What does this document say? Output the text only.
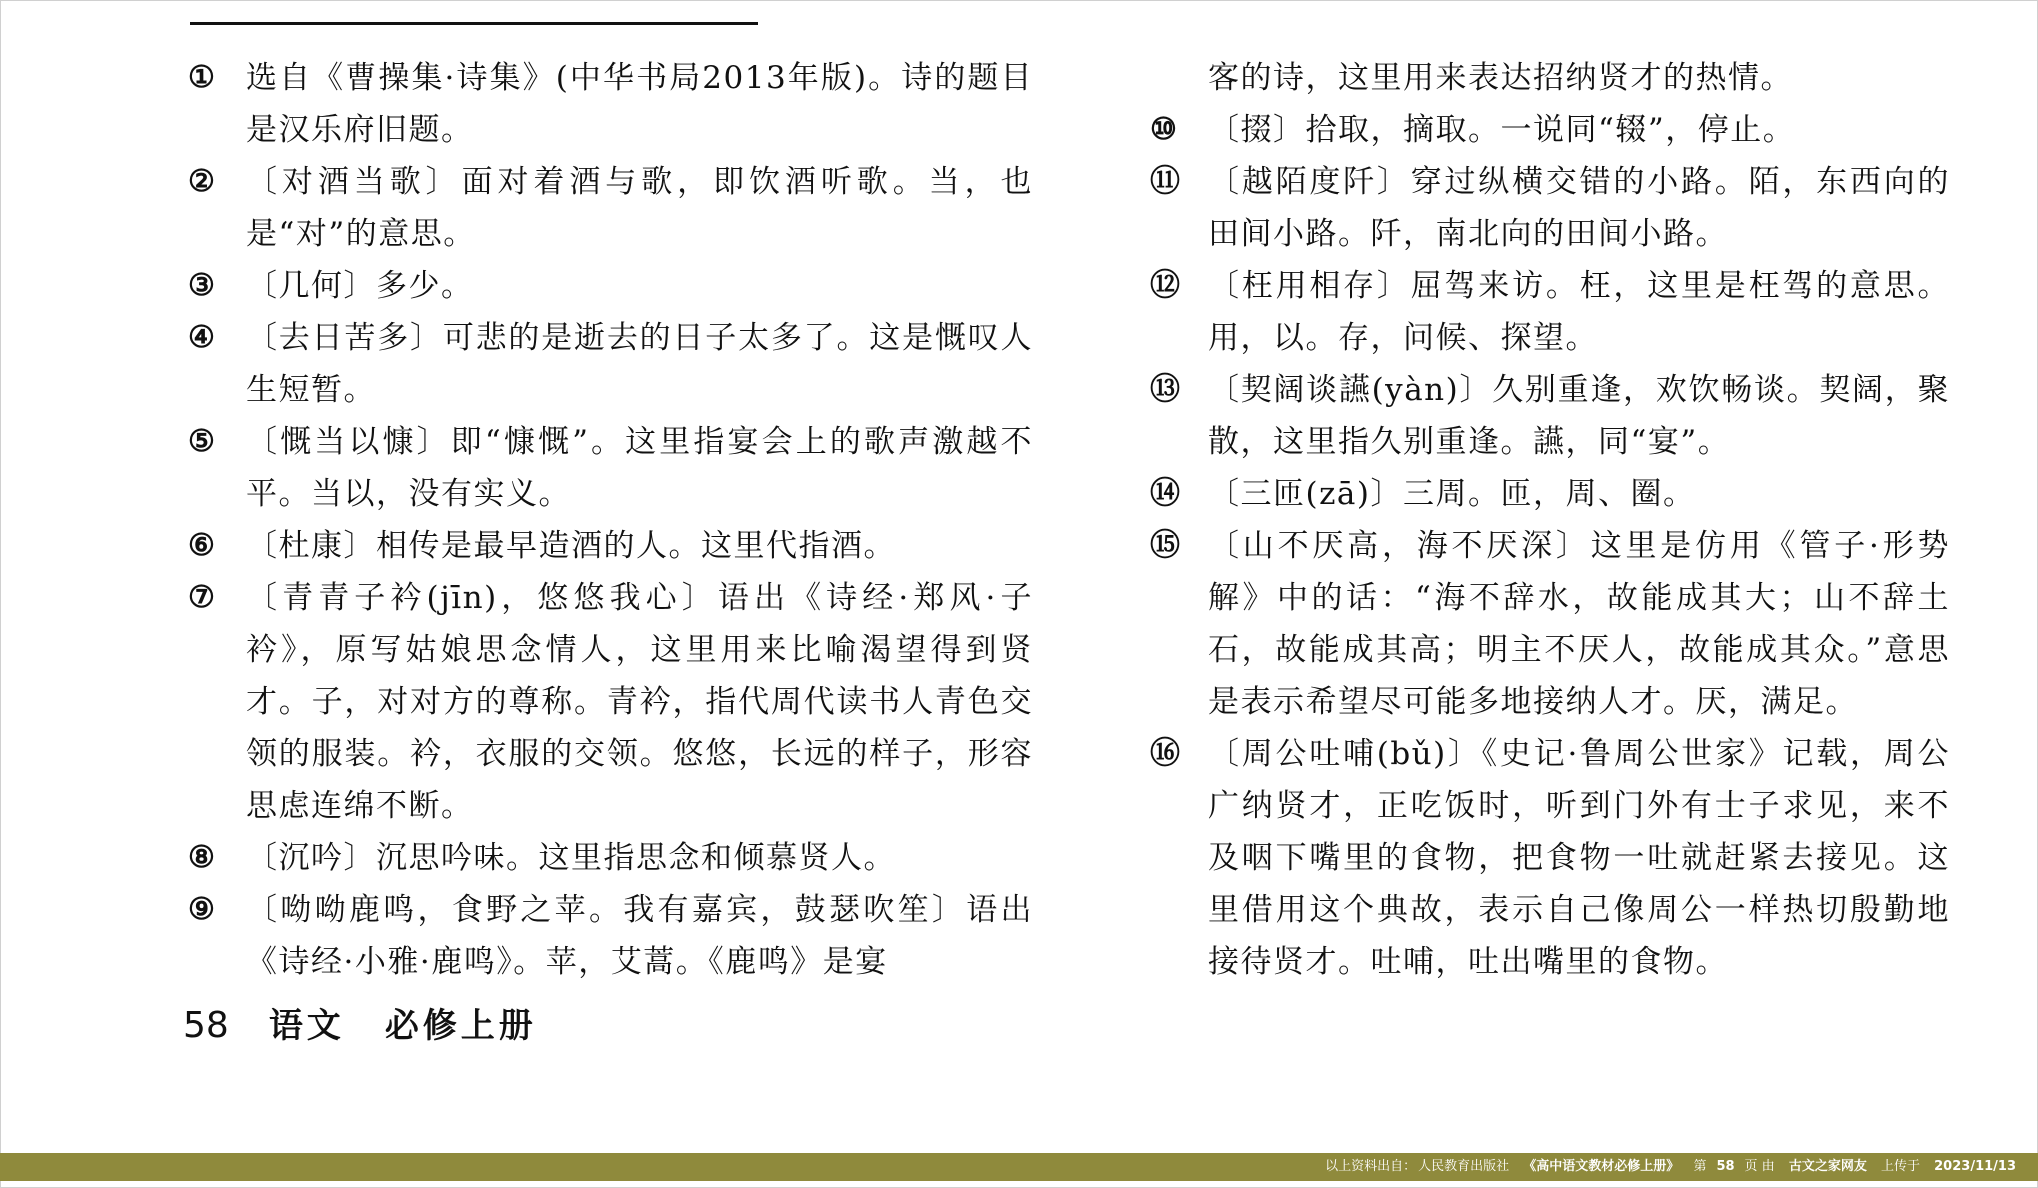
① 选自《曹操集·诗集》(中华书局2013年版)。诗的题目是汉乐府旧题。
② 〔对酒当歌〕面对着酒与歌，即饮酒听歌。当，也是“对”的意思。
③ 〔几何〕多少。
④ 〔去日苦多〕可悲的是逝去的日子太多了。这是慨叹人生短暂。
⑤ 〔慨当以慷〕即“慷慨”。这里指宴会上的歌声激越不平。当以，没有实义。
⑥ 〔杜康〕相传是最早造酒的人。这里代指酒。
⑦ 〔青青子衿(jīn)，悠悠我心〕语出《诗经·郑风·子衿》，原写姑娘思念情人，这里用来比喻渴望得到贤才。子，对对方的尊称。青衿，指代周代读书人青色交领的服装。衿，衣服的交领。悠悠，长远的样子，形容思虑连绵不断。
⑧ 〔沉吟〕沉思吟味。这里指思念和倾慕贤人。
⑨ 〔呦呦鹿鸣，食野之苹。我有嘉宾，鼓瑟吹笙〕语出《诗经·小雅·鹿鸣》。苹，艾蒿。《鹿鸣》是宴
客的诗，这里用来表达招纳贤才的热情。
⑩ 〔掇〕拾取，摘取。一说同“辍”，停止。
⑪ 〔越陌度阡〕穿过纵横交错的小路。陌，东西向的田间小路。阡，南北向的田间小路。
⑫ 〔枉用相存〕屈驾来访。枉，这里是枉驾的意思。用，以。存，问候、探望。
⑬ 〔契阔谈讌(yàn)〕久别重逢，欢饮畅谈。契阔，聚散，这里指久别重逢。讌，同“宴”。
⑭ 〔三匝(zā)〕三周。匝，周、圈。
⑮ 〔山不厌高，海不厌深〕这里是仿用《管子·形势解》中的话：“海不辞水，故能成其大；山不辞土石，故能成其高；明主不厌人，故能成其众。”意思是表示希望尽可能多地接纳人才。厌，满足。
⑯ 〔周公吐哺(bǔ)〕《史记·鲁周公世家》记载，周公广纳贤才，正吃饭时，听到门外有士子求见，来不及咽下嘴里的食物，把食物一吐就赶紧去接见。这里借用这个典故，表示自己像周公一样热切殷勤地接待贤才。吐哺，吐出嘴里的食物。
58 语文 必修上册
以上资料出自： 人民教育出版社 《高中语文教材必修上册》 第 58 页 由 古文之家网友 上传于 2023/11/13
